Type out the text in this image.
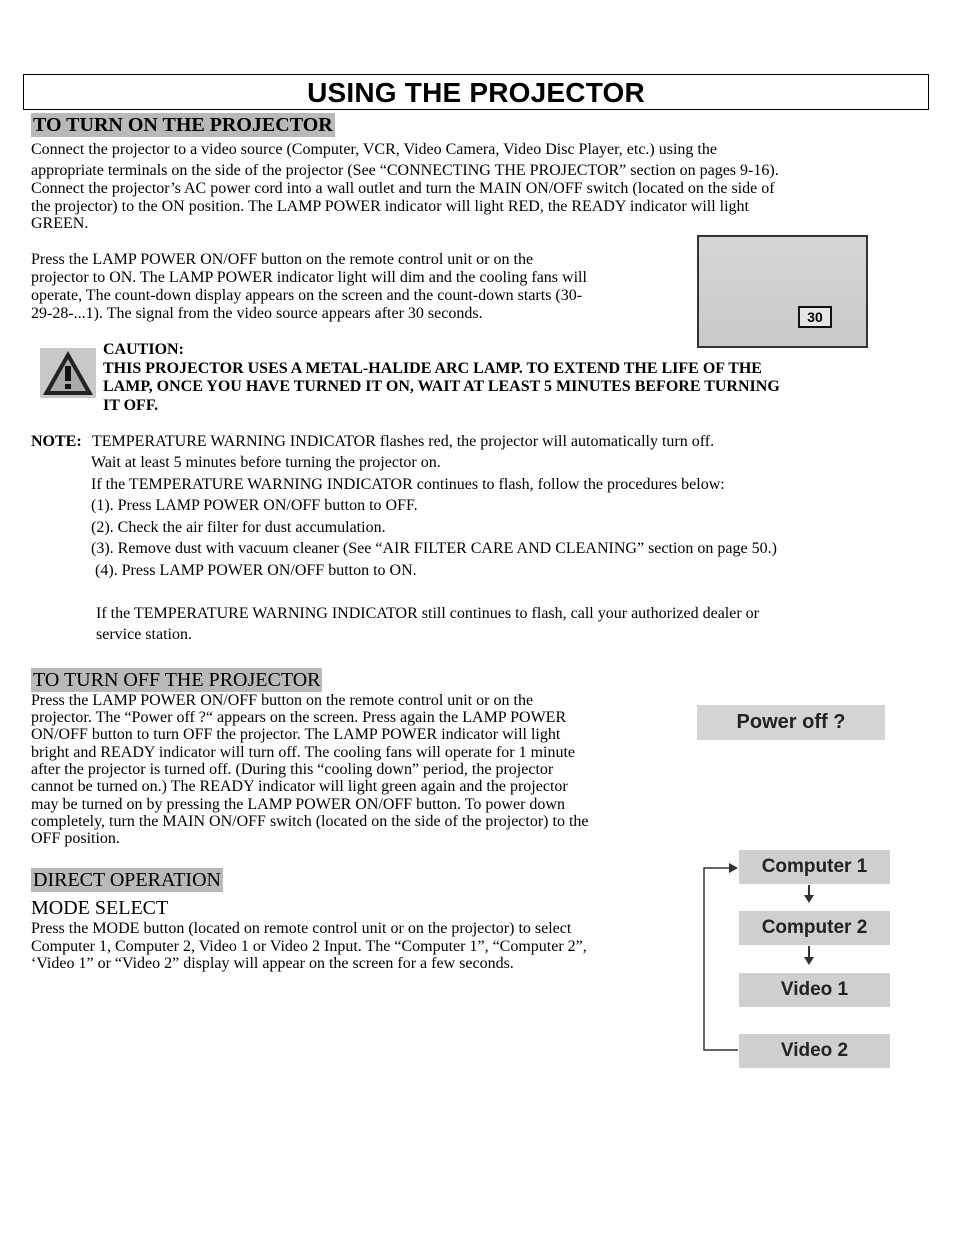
USING THE PROJECTOR
TO TURN ON THE PROJECTOR
Connect the projector to a video source (Computer, VCR, Video Camera, Video Disc Player, etc.) using the
appropriate terminals on the side of the projector (See “CONNECTING THE PROJECTOR” section on pages 9-16).
Connect the projector’s AC power cord into a wall outlet and turn the MAIN ON/OFF switch (located on the side of
the projector) to the ON position. The LAMP POWER indicator will light RED, the READY indicator will light
GREEN.
Press the LAMP POWER ON/OFF button on the remote control unit or on the
projector to ON. The LAMP POWER indicator light will dim and the cooling fans will
operate, The count-down display appears on the screen and the count-down starts (30-
29-28-...1). The signal from the video source appears after 30 seconds.	30
CAUTION:
THIS PROJECTOR USES A METAL-HALIDE ARC LAMP. TO EXTEND THE LIFE OF THE
LAMP, ONCE YOU HAVE TURNED IT ON, WAIT AT LEAST 5 MINUTES BEFORE TURNING
IT OFF.
NOTE: TEMPERATURE WARNING INDICATOR flashes red, the projector will automatically turn off.
Wait at least 5 minutes before turning the projector on.
If the TEMPERATURE WARNING INDICATOR continues to flash, follow the procedures below:
(1). Press LAMP POWER ON/OFF button to OFF.
(2). Check the air filter for dust accumulation.
(3). Remove dust with vacuum cleaner (See “AIR FILTER CARE AND CLEANING” section on page 50.)
(4). Press LAMP POWER ON/OFF button to ON.
If the TEMPERATURE WARNING INDICATOR still continues to flash, call your authorized dealer or
service station.
TO TURN OFF THE PROJECTOR
Press the LAMP POWER ON/OFF button on the remote control unit or on the
projector. The “Power off ?“ appears on the screen. Press again the LAMP POWER
ON/OFF button to turn OFF the projector. The LAMP POWER indicator will light
bright and READY indicator will turn off. The cooling fans will operate for 1 minute
after the projector is turned off. (During this “cooling down” period, the projector
cannot be turned on.) The READY indicator will light green again and the projector
may be turned on by pressing the LAMP POWER ON/OFF button. To power down
completely, turn the MAIN ON/OFF switch (located on the side of the projector) to the
OFF position.
Power off ?
DIRECT OPERATION
MODE SELECT
Press the MODE button (located on remote control unit or on the projector) to select
Computer 1, Computer 2, Video 1 or Video 2 Input. The “Computer 1”, “Computer 2”,
‘Video 1” or “Video 2” display will appear on the screen for a few seconds.
Computer 1
Computer 2
Video 1
Video 2
